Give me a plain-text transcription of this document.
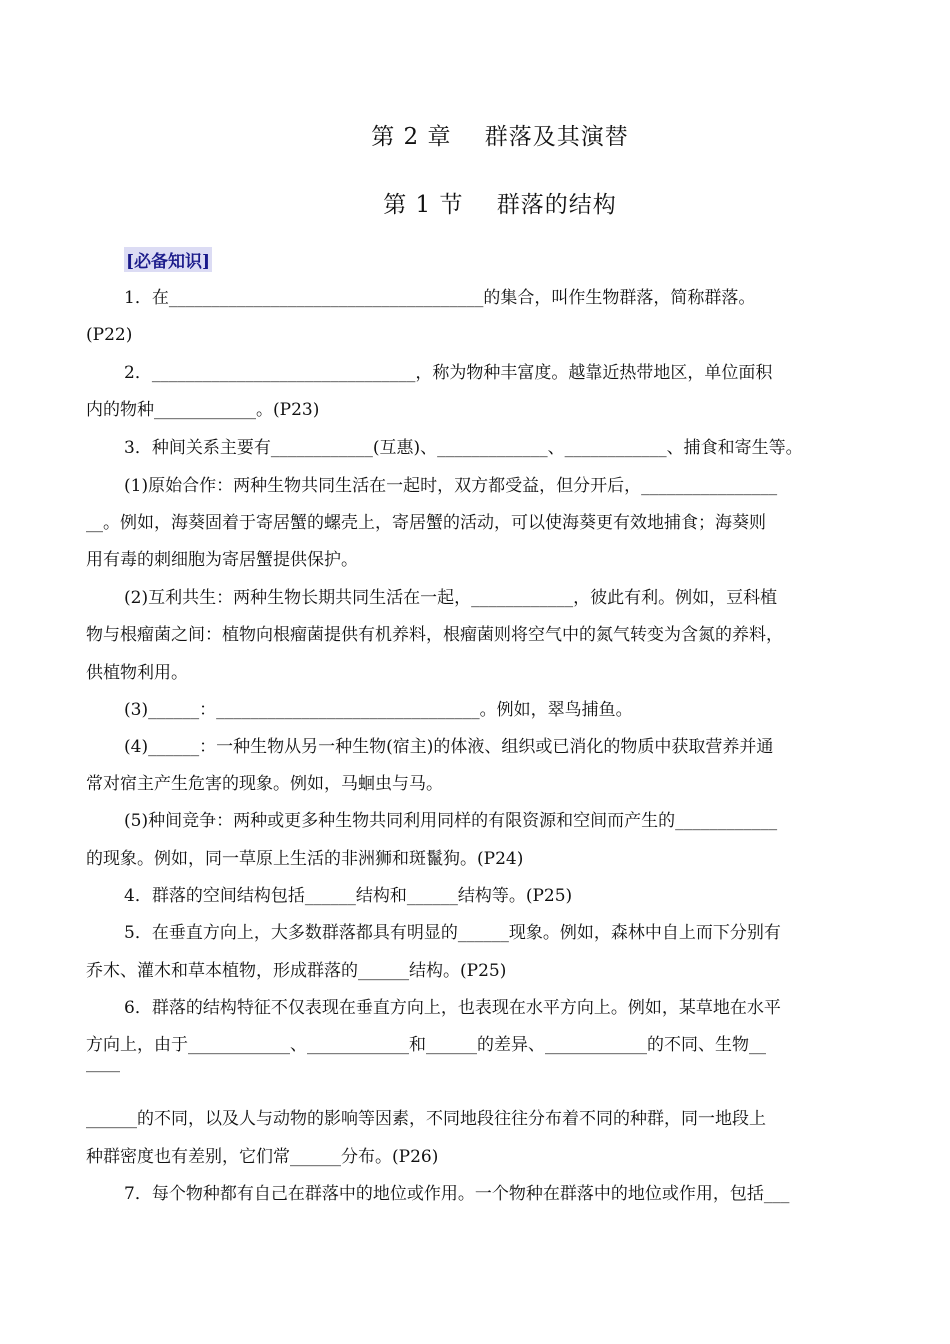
第 2 章    群落及其演替
第 1 节    群落的结构
[必备知识]
1．在_____________________________________的集合，叫作生物群落，简称群落。
(P22)
2．_______________________________，称为物种丰富度。越靠近热带地区，单位面积
内的物种____________。(P23)
3．种间关系主要有____________(互惠)、_____________、____________、捕食和寄生等。
(1)原始合作：两种生物共同生活在一起时，双方都受益，但分开后，________________
__。例如，海葵固着于寄居蟹的螺壳上，寄居蟹的活动，可以使海葵更有效地捕食；海葵则
用有毒的刺细胞为寄居蟹提供保护。
(2)互利共生：两种生物长期共同生活在一起，____________，彼此有利。例如，豆科植
物与根瘤菌之间：植物向根瘤菌提供有机养料，根瘤菌则将空气中的氮气转变为含氮的养料，
供植物利用。
(3)______：_______________________________。例如，翠鸟捕鱼。
(4)______：一种生物从另一种生物(宿主)的体液、组织或已消化的物质中获取营养并通
常对宿主产生危害的现象。例如，马蛔虫与马。
(5)种间竞争：两种或更多种生物共同利用同样的有限资源和空间而产生的____________
的现象。例如，同一草原上生活的非洲狮和斑鬣狗。(P24)
4．群落的空间结构包括______结构和______结构等。(P25)
5．在垂直方向上，大多数群落都具有明显的______现象。例如，森林中自上而下分别有
乔木、灌木和草本植物，形成群落的______结构。(P25)
6．群落的结构特征不仅表现在垂直方向上，也表现在水平方向上。例如，某草地在水平
方向上，由于____________、____________和______的差异、____________的不同、生物__
____
______的不同，以及人与动物的影响等因素，不同地段往往分布着不同的种群，同一地段上
种群密度也有差别，它们常______分布。(P26)
7．每个物种都有自己在群落中的地位或作用。一个物种在群落中的地位或作用，包括___
